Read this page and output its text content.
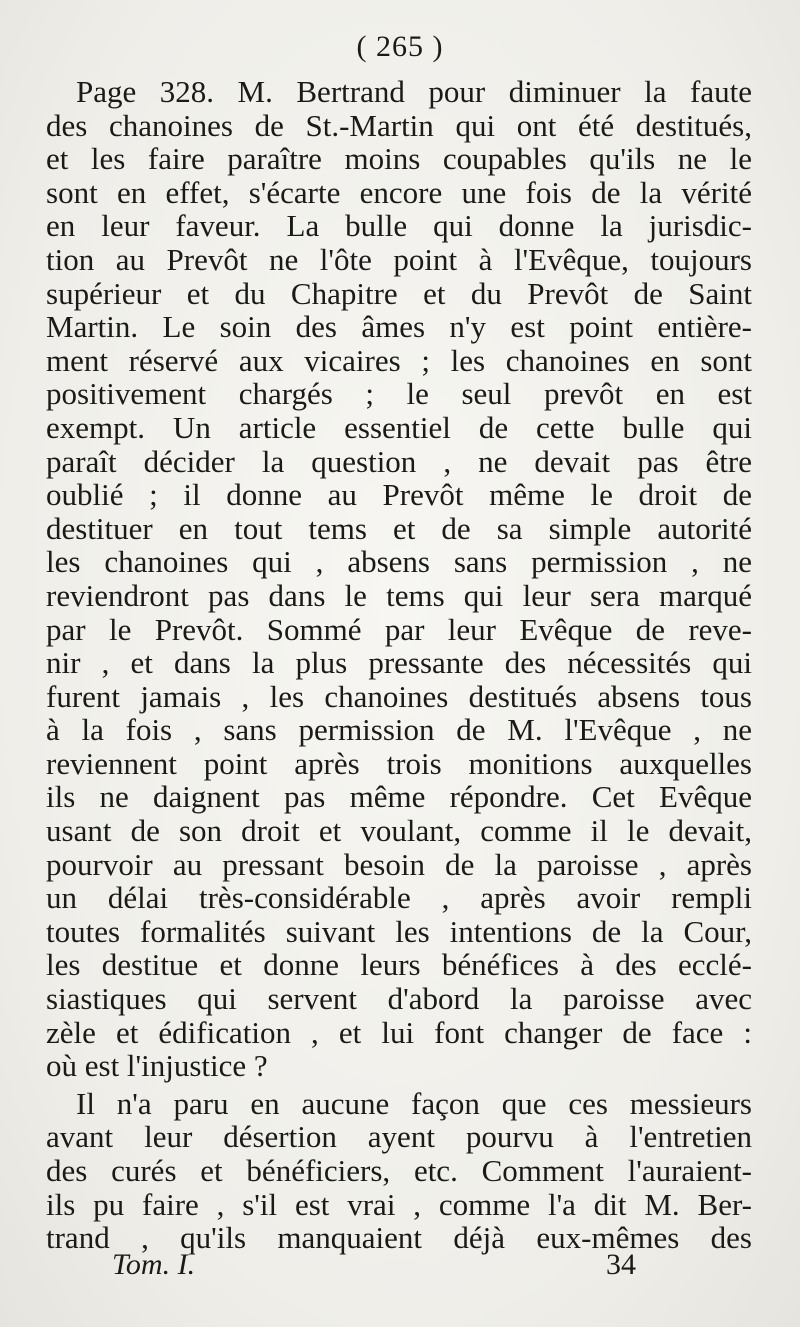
( 265 )
Page 328. M. Bertrand pour diminuer la faute
des chanoines de St.-Martin qui ont été destitués,
et les faire paraître moins coupables qu'ils ne le
sont en effet, s'écarte encore une fois de la vérité
en leur faveur. La bulle qui donne la jurisdic-
tion au Prevôt ne l'ôte point à l'Evêque, toujours
supérieur et du Chapitre et du Prevôt de Saint
Martin. Le soin des âmes n'y est point entière-
ment réservé aux vicaires ; les chanoines en sont
positivement chargés ; le seul prevôt en est
exempt. Un article essentiel de cette bulle qui
paraît décider la question , ne devait pas être
oublié ; il donne au Prevôt même le droit de
destituer en tout tems et de sa simple autorité
les chanoines qui , absens sans permission , ne
reviendront pas dans le tems qui leur sera marqué
par le Prevôt. Sommé par leur Evêque de reve-
nir , et dans la plus pressante des nécessités qui
furent jamais , les chanoines destitués absens tous
à la fois , sans permission de M. l'Evêque , ne
reviennent point après trois monitions auxquelles
ils ne daignent pas même répondre. Cet Evêque
usant de son droit et voulant, comme il le devait,
pourvoir au pressant besoin de la paroisse , après
un délai très-considérable , après avoir rempli
toutes formalités suivant les intentions de la Cour,
les destitue et donne leurs bénéfices à des ecclé-
siastiques qui servent d'abord la paroisse avec
zèle et édification , et lui font changer de face :
où est l'injustice ?
Il n'a paru en aucune façon que ces messieurs
avant leur désertion ayent pourvu à l'entretien
des curés et bénéficiers, etc. Comment l'auraient-
ils pu faire , s'il est vrai , comme l'a dit M. Ber-
trand , qu'ils manquaient déjà eux-mêmes des
Tom. I.	34
